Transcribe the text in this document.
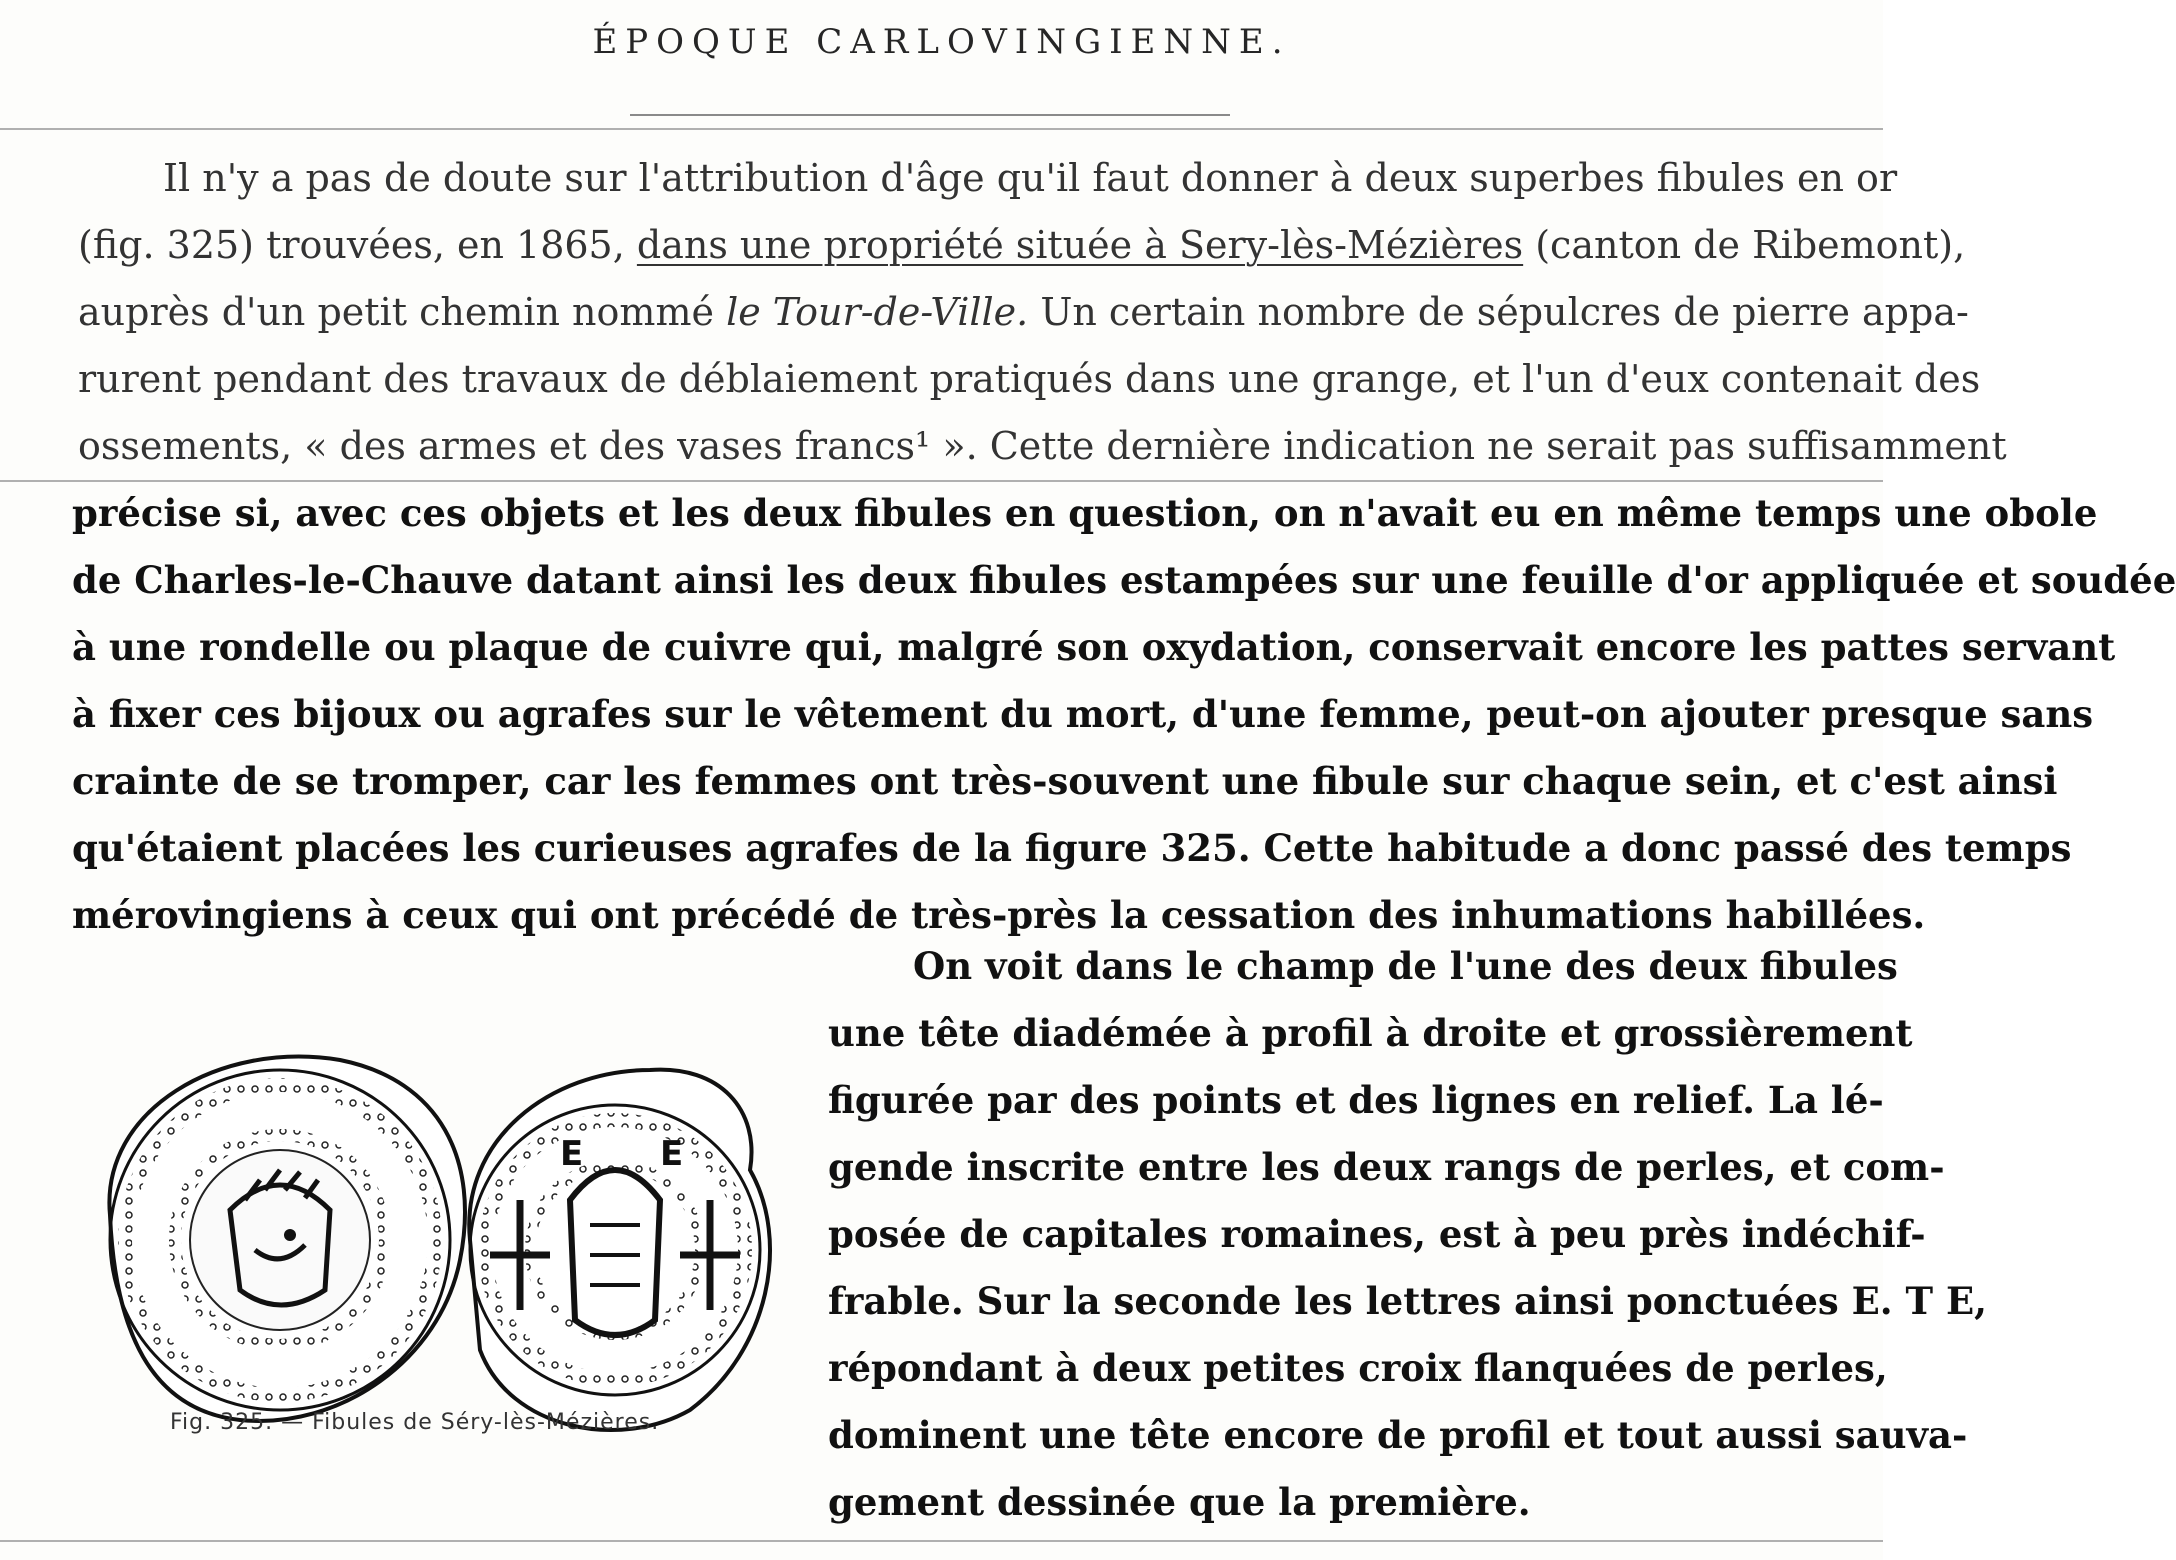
ÉPOQUE CARLOVINGIENNE.
Il n'y a pas de doute sur l'attribution d'âge qu'il faut donner à deux superbes fibules en or
(fig. 325) trouvées, en 1865, dans une propriété située à Sery-lès-Mézières (canton de Ribemont),
auprès d'un petit chemin nommé le Tour-de-Ville. Un certain nombre de sépulcres de pierre appa-
rurent pendant des travaux de déblaiement pratiqués dans une grange, et l'un d'eux contenait des
ossements, « des armes et des vases francs¹ ». Cette dernière indication ne serait pas suffisamment
précise si, avec ces objets et les deux fibules en question, on n'avait eu en même temps une obole
de Charles-le-Chauve datant ainsi les deux fibules estampées sur une feuille d'or appliquée et soudée
à une rondelle ou plaque de cuivre qui, malgré son oxydation, conservait encore les pattes servant
à fixer ces bijoux ou agrafes sur le vêtement du mort, d'une femme, peut-on ajouter presque sans
crainte de se tromper, car les femmes ont très-souvent une fibule sur chaque sein, et c'est ainsi
qu'étaient placées les curieuses agrafes de la figure 325. Cette habitude a donc passé des temps
mérovingiens à ceux qui ont précédé de très-près la cessation des inhumations habillées.
E E
Fig. 325. — Fibules de Séry-lès-Mézières.
On voit dans le champ de l'une des deux fibules
une tête diadémée à profil à droite et grossièrement
figurée par des points et des lignes en relief. La lé-
gende inscrite entre les deux rangs de perles, et com-
posée de capitales romaines, est à peu près indéchif-
frable. Sur la seconde les lettres ainsi ponctuées E. T E,
répondant à deux petites croix flanquées de perles,
dominent une tête encore de profil et tout aussi sauva-
gement dessinée que la première.
